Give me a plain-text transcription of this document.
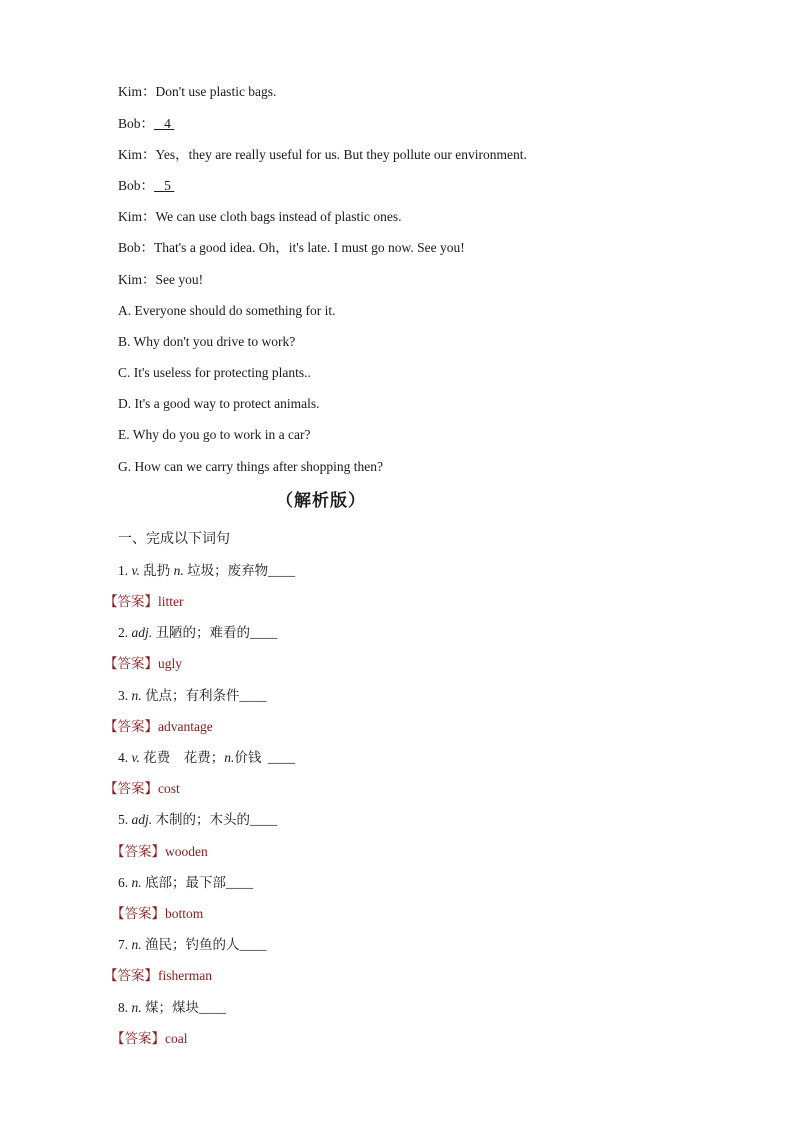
Kim：Don't use plastic bags.
Bob： 4
Kim：Yes，they are really useful for us. But they pollute our environment.
Bob： 5
Kim：We can use cloth bags instead of plastic ones.
Bob：That's a good idea. Oh，it's late. I must go now. See you!
Kim：See you!
A. Everyone should do something for it.
B. Why don't you drive to work?
C. It's useless for protecting plants..
D. It's a good way to protect animals.
E. Why do you go to work in a car?
G. How can we carry things after shopping then?
（解析版）
一、完成以下词句
1. v. 乱扔 n. 垃圾；废弃物____
【答案】litter
2. adj. 丑陋的；难看的____
【答案】ugly
3. n. 优点；有利条件____
【答案】advantage
4. v. 花费　花费；n.价钱 ____
【答案】cost
5. adj. 木制的；木头的____
【答案】wooden
6. n. 底部；最下部____
【答案】bottom
7. n. 渔民；钓鱼的人____
【答案】fisherman
8. n. 煤；煤块____
【答案】coal
